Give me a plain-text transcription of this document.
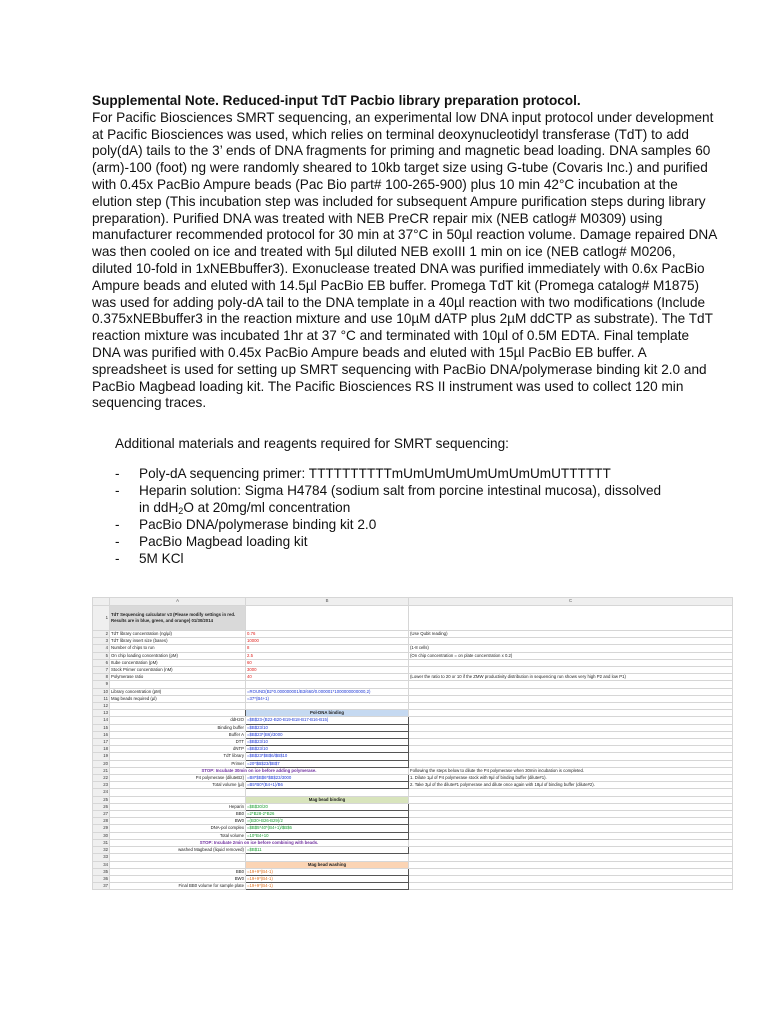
Supplemental Note. Reduced-input TdT Pacbio library preparation protocol.
For Pacific Biosciences SMRT sequencing, an experimental low DNA input protocol under development at Pacific Biosciences was used, which relies on terminal deoxynucleotidyl transferase (TdT) to add poly(dA) tails to the 3’ ends of DNA fragments for priming and magnetic bead loading. DNA samples 60 (arm)-100 (foot) ng were randomly sheared to 10kb target size using G-tube (Covaris Inc.) and purified with 0.45x PacBio Ampure beads (Pac Bio part# 100-265-900) plus 10 min 42°C incubation at the elution step (This incubation step was included for subsequent Ampure purification steps during library preparation). Purified DNA was treated with NEB PreCR repair mix (NEB catlog# M0309) using manufacturer recommended protocol for 30 min at 37°C in 50µl reaction volume. Damage repaired DNA was then cooled on ice and treated with 5µl diluted NEB exoIII 1 min on ice (NEB catlog# M0206, diluted 10-fold in 1xNEBbuffer3). Exonuclease treated DNA was purified immediately with 0.6x PacBio Ampure beads and eluted with 14.5µl PacBio EB buffer. Promega TdT kit (Promega catalog# M1875) was used for adding poly-dA tail to the DNA template in a 40µl reaction with two modifications (Include 0.375xNEBbuffer3 in the reaction mixture and use 10µM dATP plus 2µM ddCTP as substrate). The TdT reaction mixture was incubated 1hr at 37 °C and terminated with 10µl of 0.5M EDTA. Final template DNA was purified with 0.45x PacBio Ampure beads and eluted with 15µl PacBio EB buffer. A spreadsheet is used for setting up SMRT sequencing with PacBio DNA/polymerase binding kit 2.0 and PacBio Magbead loading kit. The Pacific Biosciences RS II instrument was used to collect 120 min sequencing traces.
Additional materials and reagents required for SMRT sequencing:
- Poly-dA sequencing primer: TTTTTTTTTTmUmUmUmUmUmUmUmUTTTTTT
- Heparin solution: Sigma H4784 (sodium salt from porcine intestinal mucosa), dissolved
in ddH$_2$O at 20mg/ml concentration
- PacBio DNA/polymerase binding kit 2.0
- PacBio Magbead loading kit
- 5M KCl
	A	B	C
1	TdT Sequencing calculator v3 (Please modify settings in red. Results are in blue, green, and orange) 01/30/2014		
2	TdT library concentration (ng/µl)	0.76	(Use Qubit reading)
3	TdT library insert size (bases)	10000	
4	Number of chips to run	8	(1-8 cells)
5	On chip loading concentration (pM)	2.5	(On chip concentration = on plate concentration x 0.2)
6	Itube concentration (pM)	60	
7	Stock Primer concentration (nM)	3000	
8	Polymerase ratio	40	(Lower the ratio to 20 or 10 if the ZMW productivity distribution in sequencing run shows very high P2 and low P1)
9			
10	Library concentration (pM)	=ROUND(B2*0.000000001/B3/660/0.000001*1000000000000,2)	
11	Mag beads required (µl)	=37*(B4+1)	
12			
13		Pol-DNA binding	
14	ddH2O	=$B$23-(B22-B20-B19-B18-B17-B16-B15)	
15	Binding buffer	=$B$23/10	
16	Buffer A	=$B$23*(B6)/3000	
17	DTT	=$B$23/10	
18	dNTP	=$B$23/10	
19	TdT library	=$B$23*$B$6/$B$10	
20	Primer	=20*$B$23/$B$7	
21	STOP: Incubate 30min on ice before adding polymerase.		Following the steps below to dilute the P4 polymerase when 30min incubation is completed.
22	P4 polymerase (diluteB2)	=B8*$B$6*$B$23/3000	1. Dilute 1µl of P4 polymerase stock with 9µl of binding buffer (dilute#1).
23	Total volume (µl)	=B5*B0*(B4+1)/B6	2. Take 3µl of the dilute#1 polymerase and dilute once again with 18µl of binding buffer (dilute#2).
24			
25		Mag bead binding	
26	Heparin	=$B$30/20	
27	BB0	=2*B28-2*B26	
28	BW0	=(B30+B26-B29)/2	
29	DNA-pol complex	=$B$5*40*(B4+1)/$B$6	
30	Total volume	=10*B4+10	
31	STOP: Incubate 2min on ice before combining with beads.		
32	washed Magbead (liquid removed)	=$B$11	
33			
34		Mag bead washing	
35	BB0	=19+9*(B4-1)	
36	BW0	=19+9*(B4-1)	
37	Final BB0 volume for sample plate	=19+9*(B4-1)	
